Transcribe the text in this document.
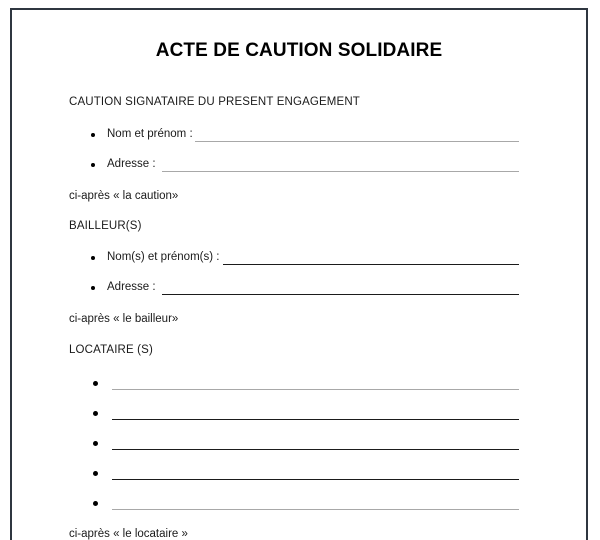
ACTE DE CAUTION SOLIDAIRE
CAUTION SIGNATAIRE DU PRESENT ENGAGEMENT
Nom et prénom :
Adresse :
ci-après « la caution»
BAILLEUR(S)
Nom(s) et prénom(s) :
Adresse :
ci-après « le bailleur»
LOCATAIRE (S)
ci-après « le locataire »
